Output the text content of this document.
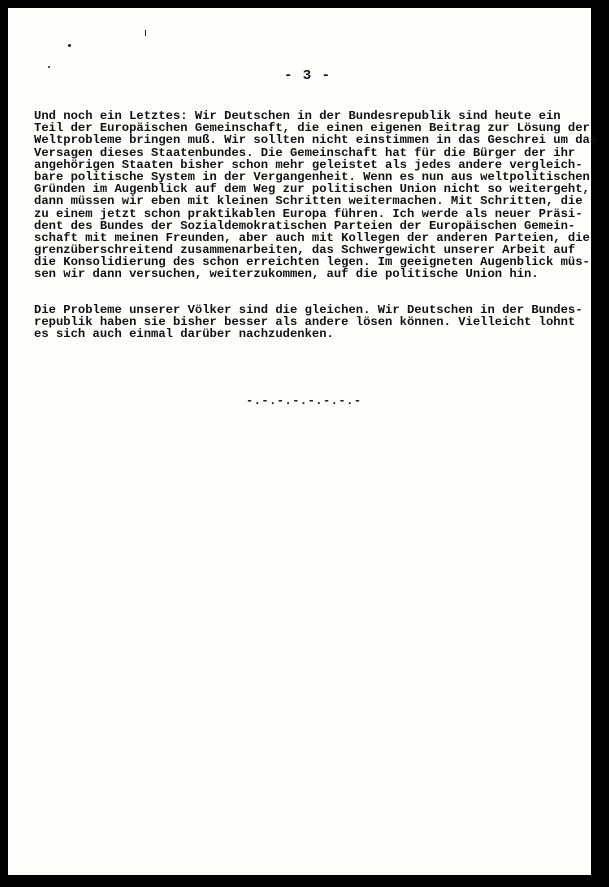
- 3 -
Und noch ein Letztes: Wir Deutschen in der Bundesrepublik sind heute ein
Teil der Europäischen Gemeinschaft, die einen eigenen Beitrag zur Lösung der
Weltprobleme bringen muß. Wir sollten nicht einstimmen in das Geschrei um das
Versagen dieses Staatenbundes. Die Gemeinschaft hat für die Bürger der ihr
angehörigen Staaten bisher schon mehr geleistet als jedes andere vergleich-
bare politische System in der Vergangenheit. Wenn es nun aus weltpolitischen
Gründen im Augenblick auf dem Weg zur politischen Union nicht so weitergeht,
dann müssen wir eben mit kleinen Schritten weitermachen. Mit Schritten, die
zu einem jetzt schon praktikablen Europa führen. Ich werde als neuer Präsi-
dent des Bundes der Sozialdemokratischen Parteien der Europäischen Gemein-
schaft mit meinen Freunden, aber auch mit Kollegen der anderen Parteien, die
grenzüberschreitend zusammenarbeiten, das Schwergewicht unserer Arbeit auf
die Konsolidierung des schon erreichten legen. Im geeigneten Augenblick müs-
sen wir dann versuchen, weiterzukommen, auf die politische Union hin.
Die Probleme unserer Völker sind die gleichen. Wir Deutschen in der Bundes-
republik haben sie bisher besser als andere lösen können. Vielleicht lohnt
es sich auch einmal darüber nachzudenken.
-.-.-.-.-.-.-.-
